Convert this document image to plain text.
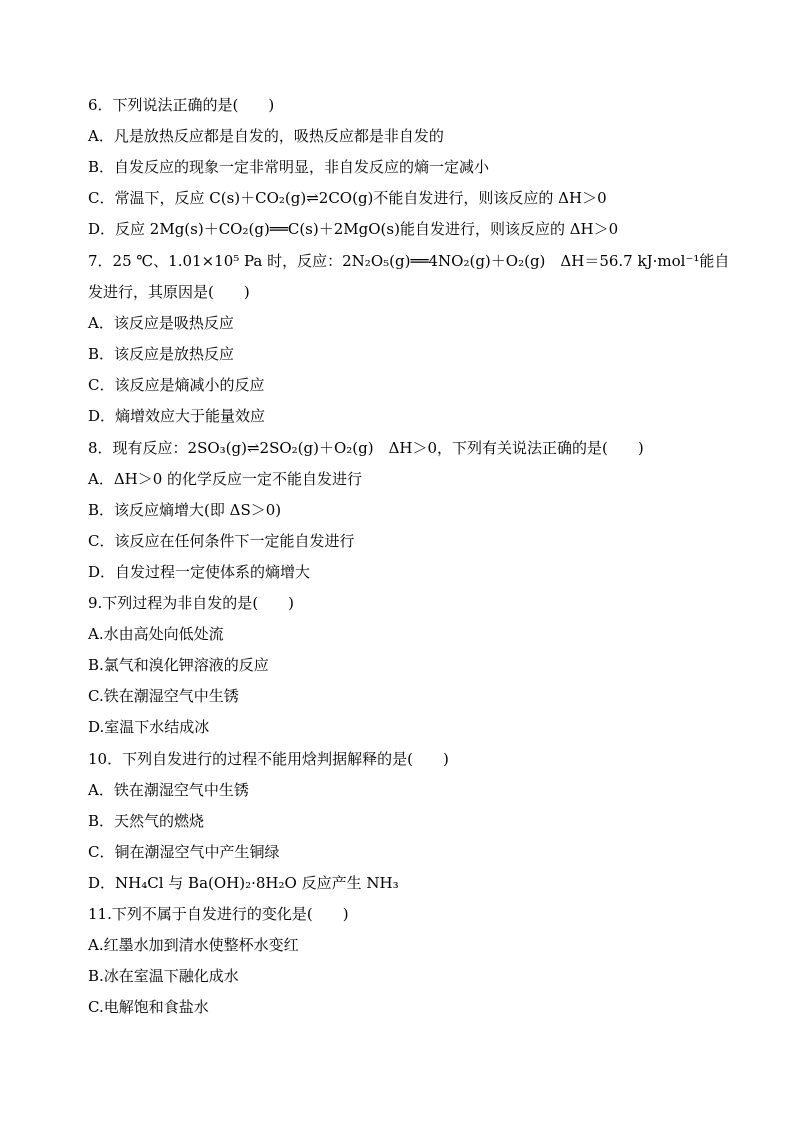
6．下列说法正确的是(　　)
A．凡是放热反应都是自发的，吸热反应都是非自发的
B．自发反应的现象一定非常明显，非自发反应的熵一定减小
C．常温下，反应 C(s)＋CO₂(g)⇌2CO(g)不能自发进行，则该反应的 ΔH＞0
D．反应 2Mg(s)＋CO₂(g)══C(s)＋2MgO(s)能自发进行，则该反应的 ΔH＞0
7．25 ℃、1.01×10⁵ Pa 时，反应：2N₂O₅(g)══4NO₂(g)＋O₂(g)　ΔH＝56.7 kJ·mol⁻¹能自发进行，其原因是(　　)
A．该反应是吸热反应
B．该反应是放热反应
C．该反应是熵减小的反应
D．熵增效应大于能量效应
8．现有反应：2SO₃(g)⇌2SO₂(g)＋O₂(g)　ΔH＞0，下列有关说法正确的是(　　)
A．ΔH＞0 的化学反应一定不能自发进行
B．该反应熵增大(即 ΔS＞0)
C．该反应在任何条件下一定能自发进行
D．自发过程一定使体系的熵增大
9.下列过程为非自发的是(　　)
A.水由高处向低处流
B.氯气和溴化钾溶液的反应
C.铁在潮湿空气中生锈
D.室温下水结成冰
10．下列自发进行的过程不能用焓判据解释的是(　　)
A．铁在潮湿空气中生锈
B．天然气的燃烧
C．铜在潮湿空气中产生铜绿
D．NH₄Cl 与 Ba(OH)₂·8H₂O 反应产生 NH₃
11.下列不属于自发进行的变化是(　　)
A.红墨水加到清水使整杯水变红
B.冰在室温下融化成水
C.电解饱和食盐水
